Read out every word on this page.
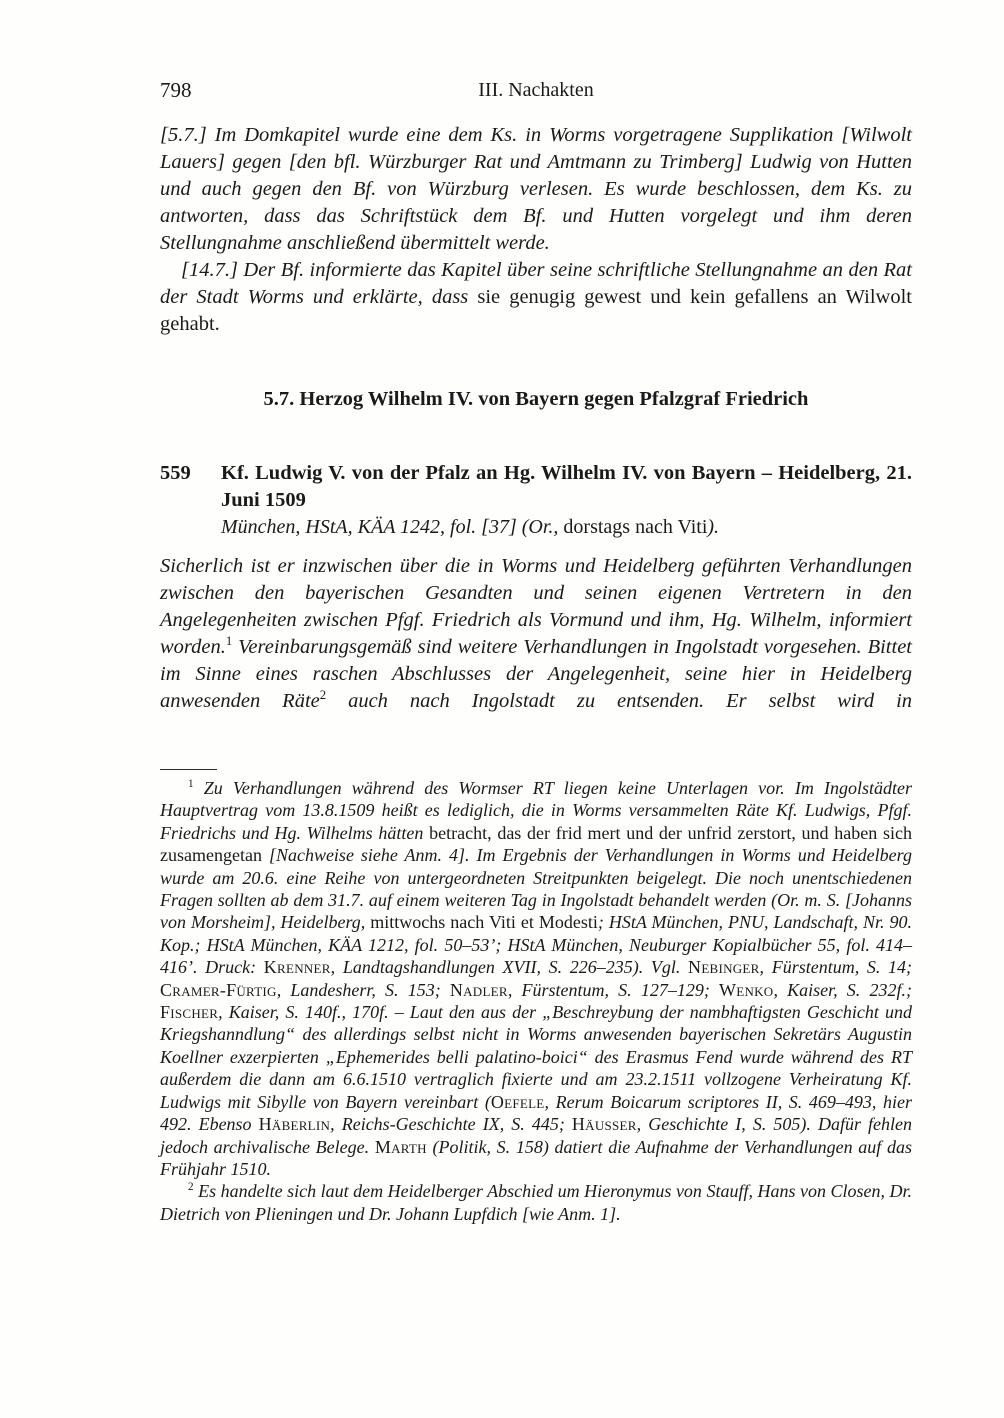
798	III. Nachakten

[5.7.] Im Domkapitel wurde eine dem Ks. in Worms vorgetragene Supplikation [Wilwolt Lauers] gegen [den bfl. Würzburger Rat und Amtmann zu Trimberg] Ludwig von Hutten und auch gegen den Bf. von Würzburg verlesen. Es wurde beschlossen, dem Ks. zu antworten, dass das Schriftstück dem Bf. und Hutten vorgelegt und ihm deren Stellungnahme anschließend übermittelt werde.

[14.7.] Der Bf. informierte das Kapitel über seine schriftliche Stellungnahme an den Rat der Stadt Worms und erklärte, dass sie genugig gewest und kein gefallens an Wilwolt gehabt.

5.7. Herzog Wilhelm IV. von Bayern gegen Pfalzgraf Friedrich
559	Kf. Ludwig V. von der Pfalz an Hg. Wilhelm IV. von Bayern – Heidelberg, 21. Juni 1509

München, HStA, KÄA 1242, fol. [37] (Or., dorstags nach Viti).

Sicherlich ist er inzwischen über die in Worms und Heidelberg geführten Verhandlungen zwischen den bayerischen Gesandten und seinen eigenen Vertretern in den Angelegenheiten zwischen Pfgf. Friedrich als Vormund und ihm, Hg. Wilhelm, informiert worden.$^1$ Vereinbarungsgemäß sind weitere Verhandlungen in Ingolstadt vorgesehen. Bittet im Sinne eines raschen Abschlusses der Angelegenheit, seine hier in Heidelberg anwesenden Räte$^2$ auch nach Ingolstadt zu entsenden. Er selbst wird in

$^1$ Zu Verhandlungen während des Wormser RT liegen keine Unterlagen vor. Im Ingolstädter Hauptvertrag vom 13.8.1509 heißt es lediglich, die in Worms versammelten Räte Kf. Ludwigs, Pfgf. Friedrichs und Hg. Wilhelms hätten betracht, das der frid mert und der unfrid zerstort, und haben sich zusamengetan [Nachweise siehe Anm. 4]. Im Ergebnis der Verhandlungen in Worms und Heidelberg wurde am 20.6. eine Reihe von untergeordneten Streitpunkten beigelegt. Die noch unentschiedenen Fragen sollten ab dem 31.7. auf einem weiteren Tag in Ingolstadt behandelt werden (Or. m. S. [Johanns von Morsheim], Heidelberg, mittwochs nach Viti et Modesti; HStA München, PNU, Landschaft, Nr. 90. Kop.; HStA München, KÄA 1212, fol. 50–53’; HStA München, Neuburger Kopialbücher 55, fol. 414–416’. Druck: Krenner, Landtagshandlungen XVII, S. 226–235). Vgl. Nebinger, Fürstentum, S. 14; Cramer-Fürtig, Landesherr, S. 153; Nadler, Fürstentum, S. 127–129; Wenko, Kaiser, S. 232f.; Fischer, Kaiser, S. 140f., 170f. – Laut den aus der „Beschreybung der nambhaftigsten Geschicht und Kriegshanndlung“ des allerdings selbst nicht in Worms anwesenden bayerischen Sekretärs Augustin Koellner exzerpierten „Ephemerides belli palatino-boici“ des Erasmus Fend wurde während des RT außerdem die dann am 6.6.1510 vertraglich fixierte und am 23.2.1511 vollzogene Verheiratung Kf. Ludwigs mit Sibylle von Bayern vereinbart (Oefele, Rerum Boicarum scriptores II, S. 469–493, hier 492. Ebenso Häberlin, Reichs-Geschichte IX, S. 445; Häusser, Geschichte I, S. 505). Dafür fehlen jedoch archivalische Belege. Marth (Politik, S. 158) datiert die Aufnahme der Verhandlungen auf das Frühjahr 1510.

$^2$ Es handelte sich laut dem Heidelberger Abschied um Hieronymus von Stauff, Hans von Closen, Dr. Dietrich von Plieningen und Dr. Johann Lupfdich [wie Anm. 1].
